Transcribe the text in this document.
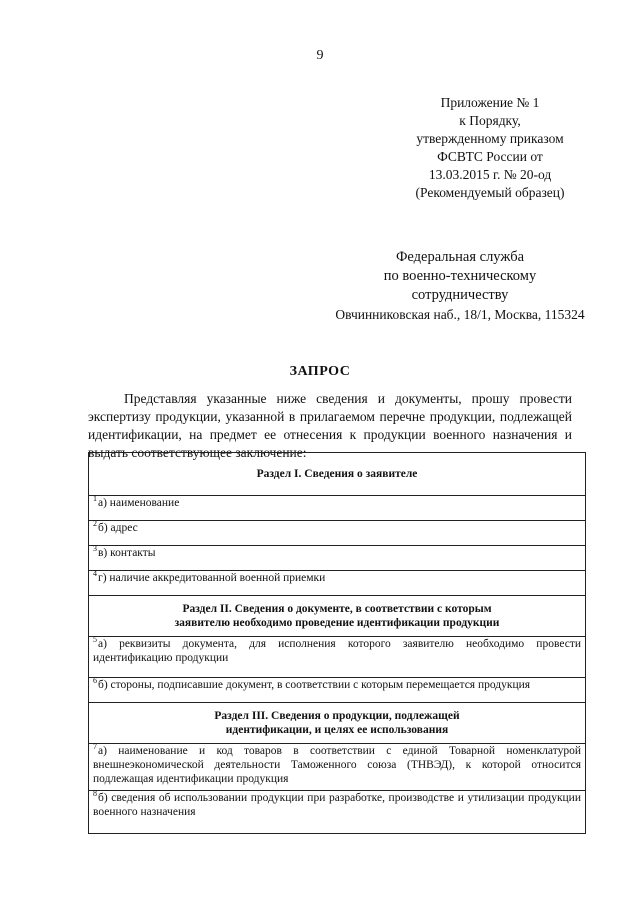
9
Приложение № 1
к Порядку,
утвержденному приказом
ФСВТС России от
13.03.2015 г. № 20-од
(Рекомендуемый образец)
Федеральная служба
по военно-техническому
сотрудничеству
Овчинниковская наб., 18/1, Москва, 115324
ЗАПРОС
Представляя указанные ниже сведения и документы, прошу провести экспертизу продукции, указанной в прилагаемом перечне продукции, подлежащей идентификации, на предмет ее отнесения к продукции военного назначения и выдать соответствующее заключение:
Раздел I. Сведения о заявителе
$^1$а) наименование
$^2$б) адрес
$^3$в) контакты
$^4$г) наличие аккредитованной военной приемки

Раздел II. Сведения о документе, в соответствии с которым
заявителю необходимо проведение идентификации продукции

$^5$а) реквизиты документа, для исполнения которого заявителю необходимо провести идентификацию продукции
$^6$б) стороны, подписавшие документ, в соответствии с которым перемещается продукция

Раздел III. Сведения о продукции, подлежащей
идентификации, и целях ее использования

$^7$а) наименование и код товаров в соответствии с единой Товарной номенклатурой внешнеэкономической деятельности Таможенного союза (ТНВЭД), к которой относится подлежащая идентификации продукция
$^8$б) сведения об использовании продукции при разработке, производстве и утилизации продукции военного назначения
